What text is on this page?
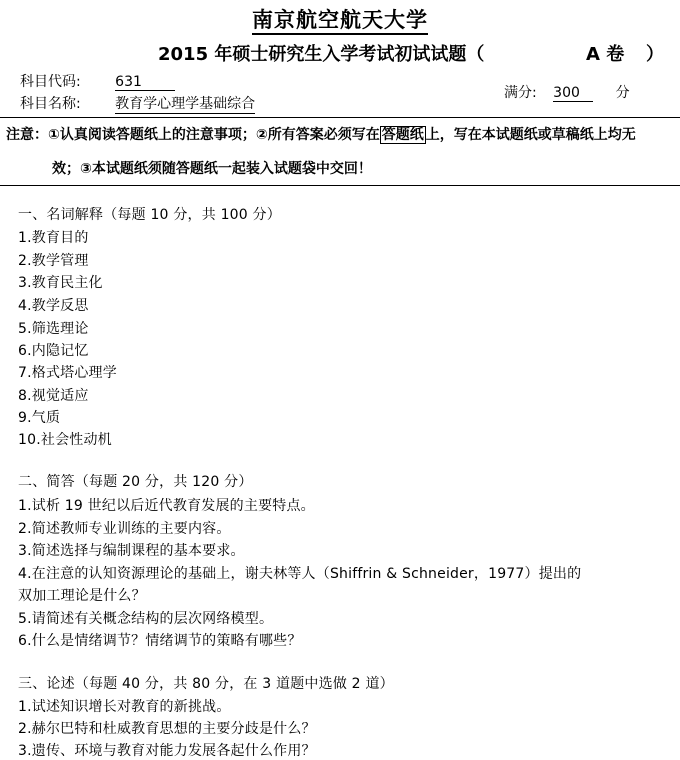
南京航空航天大学
2015 年硕士研究生入学考试初试试题（	A 卷 ）
科目代码: 631
科目名称: 教育学心理学基础综合
满分: 300	分
注意：①认真阅读答题纸上的注意事项；②所有答案必须写在 答题纸 上，写在本试题纸或草稿纸上均无
效；③本试题纸须随答题纸一起装入试题袋中交回！
一、名词解释（每题 10 分，共 100 分）
1.教育目的
2.教学管理
3.教育民主化
4.教学反思
5.筛选理论
6.内隐记忆
7.格式塔心理学
8.视觉适应
9.气质
10.社会性动机
二、简答（每题 20 分，共 120 分）
1.试析 19 世纪以后近代教育发展的主要特点。
2.简述教师专业训练的主要内容。
3.简述选择与编制课程的基本要求。
4.在注意的认知资源理论的基础上，谢夫林等人（Shiffrin & Schneider，1977）提出的
双加工理论是什么？
5.请简述有关概念结构的层次网络模型。
6.什么是情绪调节？情绪调节的策略有哪些？
三、论述（每题 40 分，共 80 分，在 3 道题中选做 2 道）
1.试述知识增长对教育的新挑战。
2.赫尔巴特和杜威教育思想的主要分歧是什么？
3.遗传、环境与教育对能力发展各起什么作用？
